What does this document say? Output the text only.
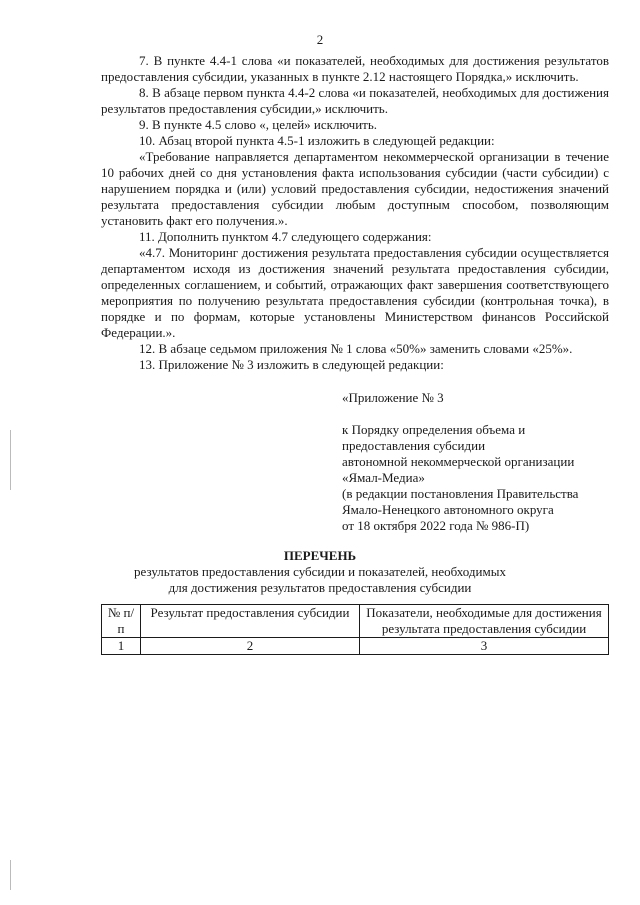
2

7. В пункте 4.4-1 слова «и показателей, необходимых для достижения результатов предоставления субсидии, указанных в пункте 2.12 настоящего Порядка,» исключить.

8. В абзаце первом пункта 4.4-2 слова «и показателей, необходимых для достижения результатов предоставления субсидии,» исключить.

9. В пункте 4.5 слово «, целей» исключить.

10. Абзац второй пункта 4.5-1 изложить в следующей редакции:

«Требование направляется департаментом некоммерческой организации в течение 10 рабочих дней со дня установления факта использования субсидии (части субсидии) с нарушением порядка и (или) условий предоставления субсидии, недостижения значений результата предоставления субсидии любым доступным способом, позволяющим установить факт его получения.».

11. Дополнить пунктом 4.7 следующего содержания:

«4.7. Мониторинг достижения результата предоставления субсидии осуществляется департаментом исходя из достижения значений результата предоставления субсидии, определенных соглашением, и событий, отражающих факт завершения соответствующего мероприятия по получению результата предоставления субсидии (контрольная точка), в порядке и по формам, которые установлены Министерством финансов Российской Федерации.».

12. В абзаце седьмом приложения № 1 слова «50%» заменить словами «25%».

13. Приложение № 3 изложить в следующей редакции:

«Приложение № 3

к Порядку определения объема и

предоставления субсидии

автономной некоммерческой организации

«Ямал-Медиа»

(в редакции постановления Правительства

Ямало-Ненецкого автономного округа

от 18 октября 2022 года № 986-П)

ПЕРЕЧЕНЬ
результатов предоставления субсидии и показателей, необходимых
для достижения результатов предоставления субсидии
№ п/п	Результат предоставления субсидии	Показатели, необходимые для достижения результата предоставления субсидии
1	2	3
